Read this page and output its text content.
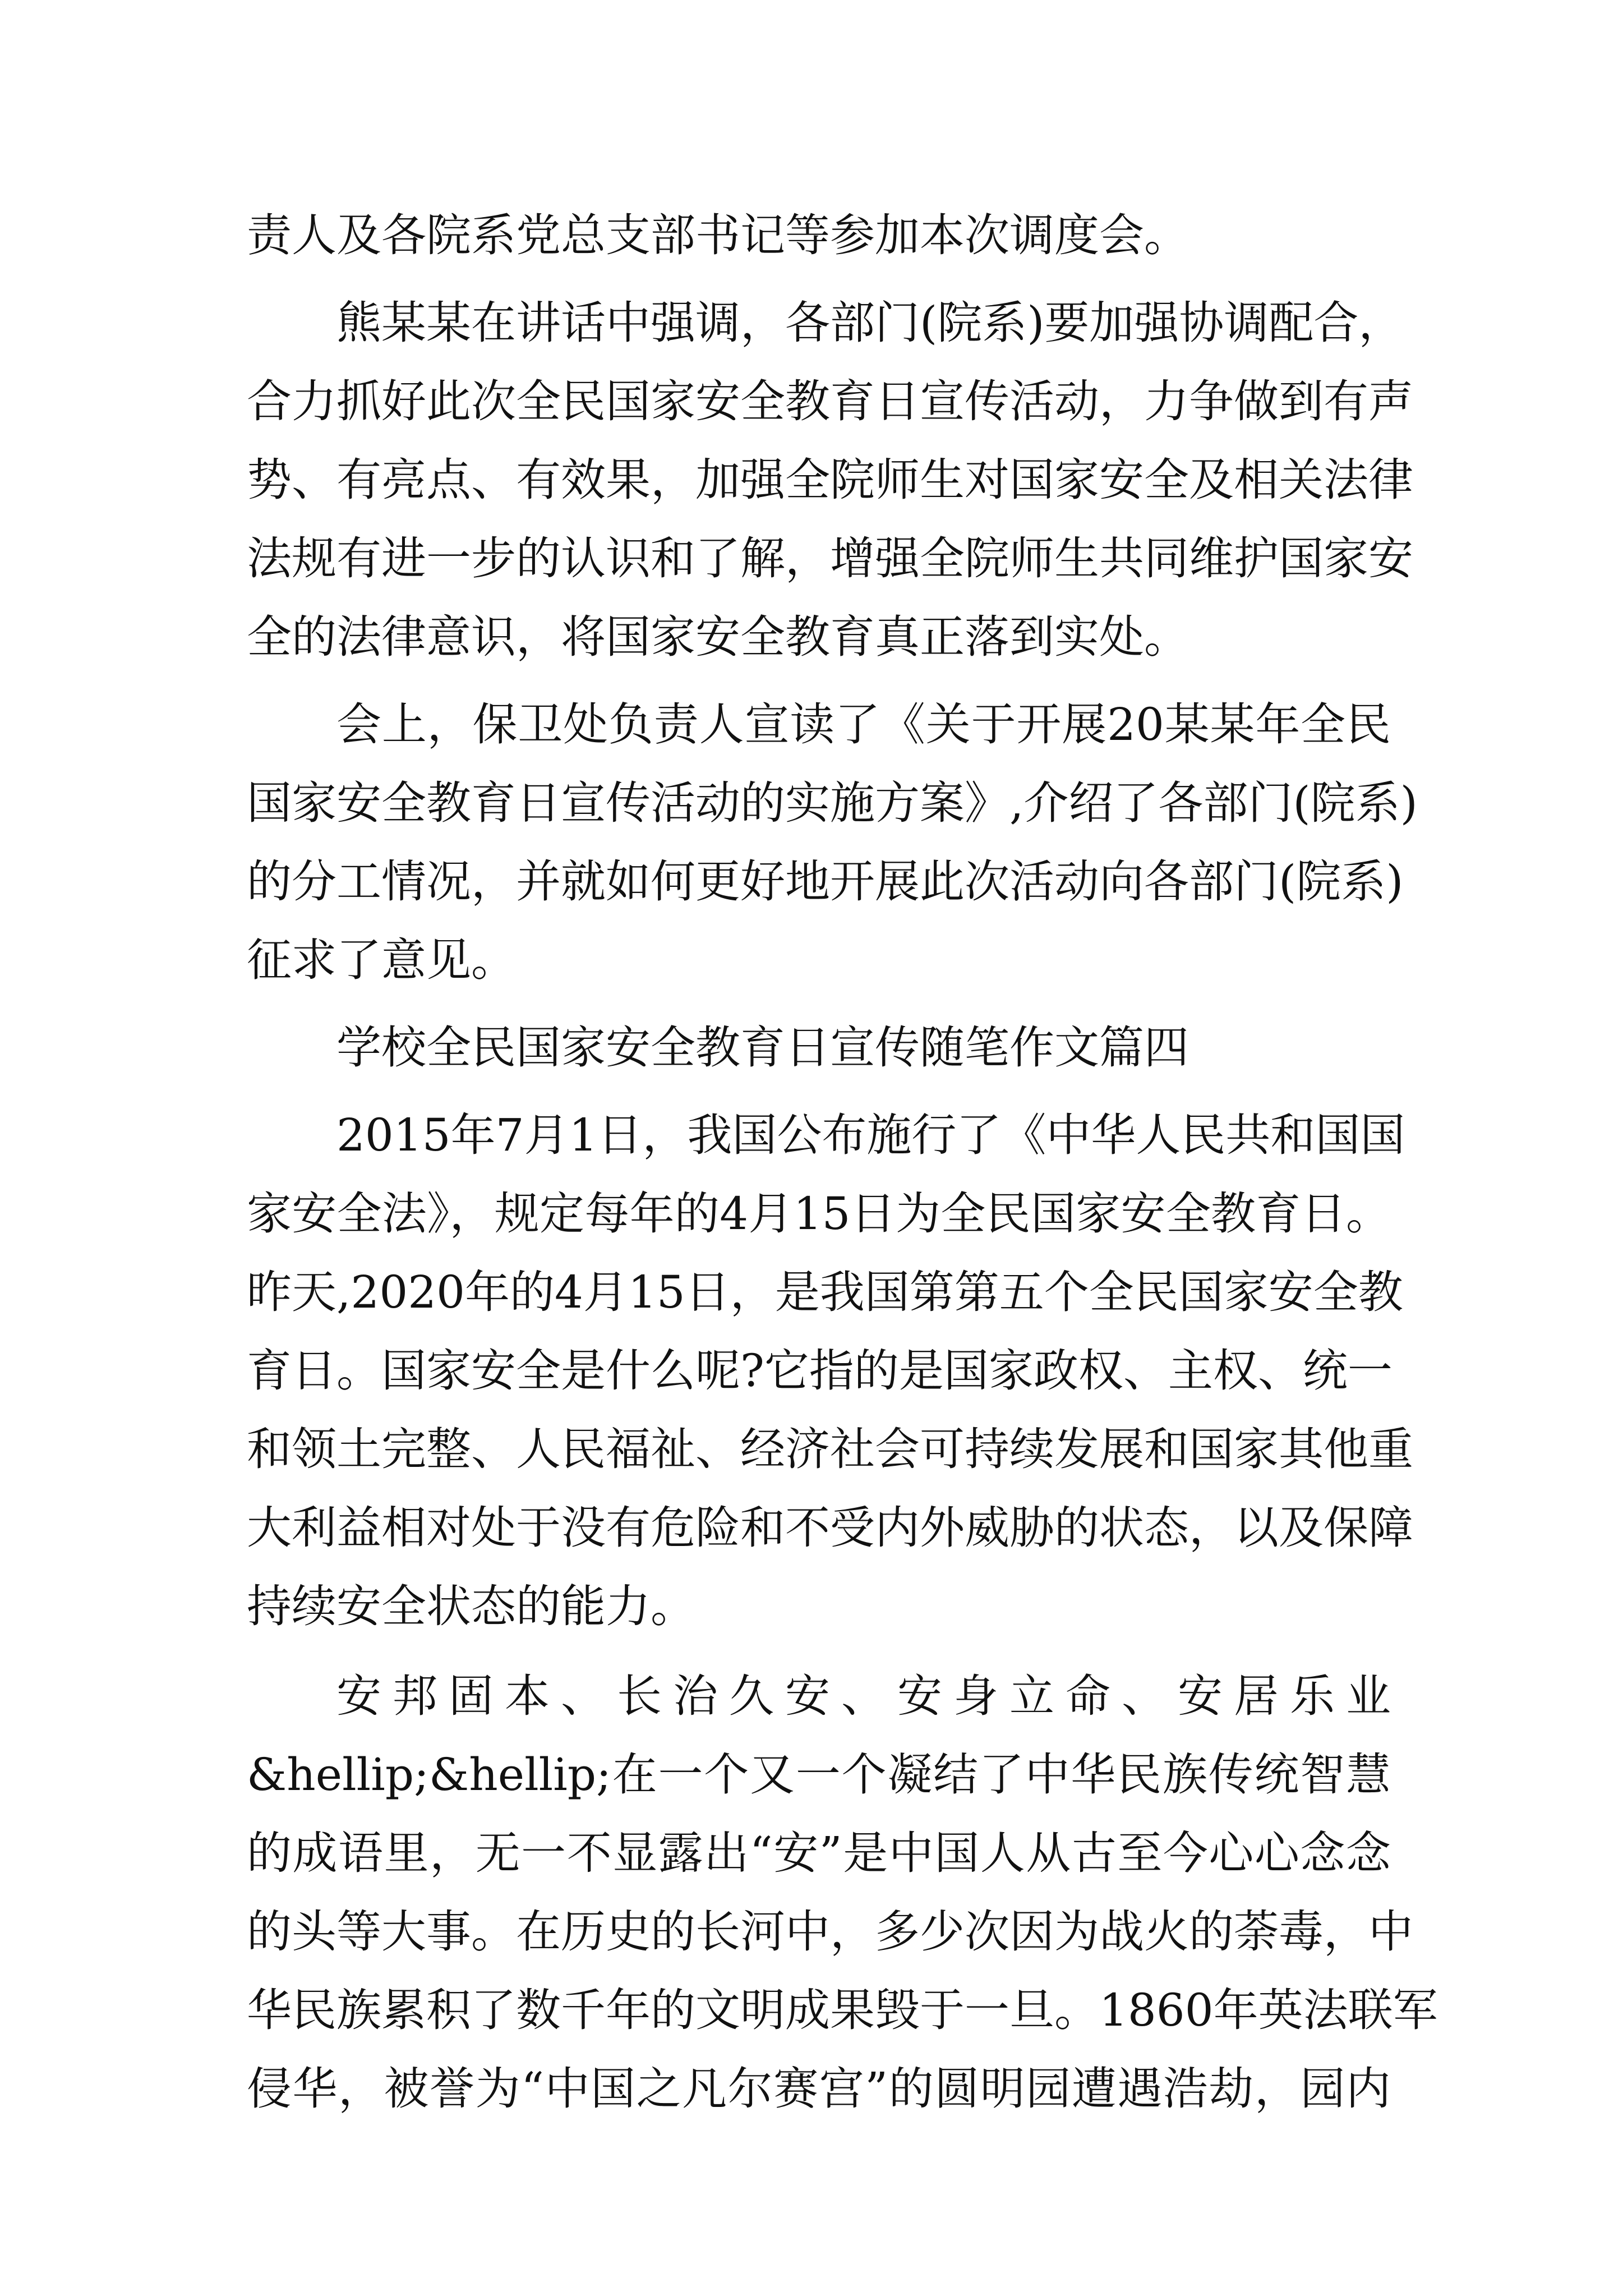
责人及各院系党总支部书记等参加本次调度会。
熊某某在讲话中强调，各部门(院系)要加强协调配合，
合力抓好此次全民国家安全教育日宣传活动，力争做到有声
势、有亮点、有效果，加强全院师生对国家安全及相关法律
法规有进一步的认识和了解，增强全院师生共同维护国家安
全的法律意识，将国家安全教育真正落到实处。
会上，保卫处负责人宣读了《关于开展20某某年全民
国家安全教育日宣传活动的实施方案》,介绍了各部门(院系)
的分工情况，并就如何更好地开展此次活动向各部门(院系)
征求了意见。
学校全民国家安全教育日宣传随笔作文篇四
2015年7月1日，我国公布施行了《中华人民共和国国
家安全法》，规定每年的4月15日为全民国家安全教育日。
昨天,2020年的4月15日，是我国第第五个全民国家安全教
育日。国家安全是什么呢?它指的是国家政权、主权、统一
和领土完整、人民福祉、经济社会可持续发展和国家其他重
大利益相对处于没有危险和不受内外威胁的状态，以及保障
持续安全状态的能力。
安邦固本、长治久安、安身立命、安居乐业
&hellip;&hellip;在一个又一个凝结了中华民族传统智慧
的成语里，无一不显露出“安”是中国人从古至今心心念念
的头等大事。在历史的长河中，多少次因为战火的荼毒，中
华民族累积了数千年的文明成果毁于一旦。1860年英法联军
侵华，被誉为“中国之凡尔赛宫”的圆明园遭遇浩劫，园内
